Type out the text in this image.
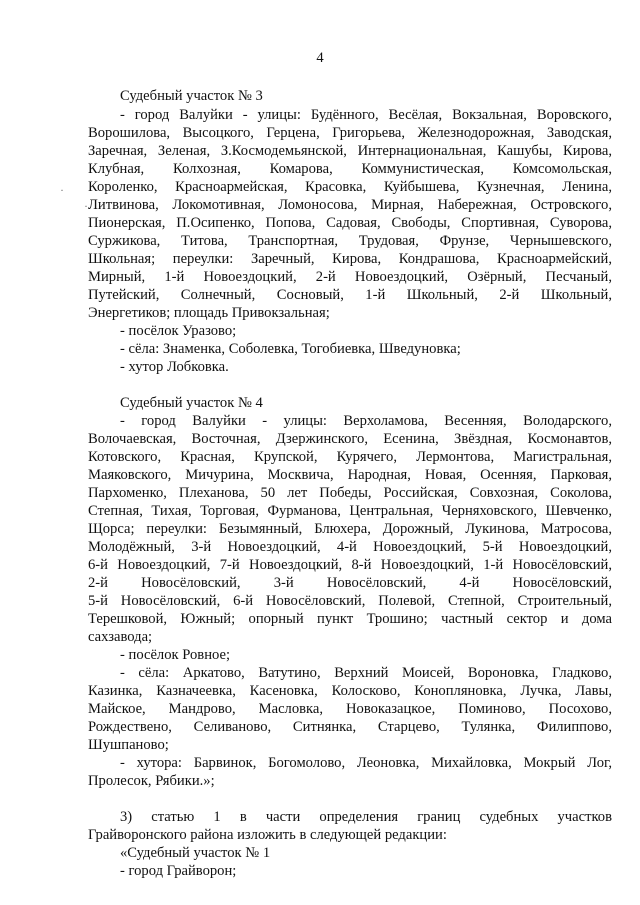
4
Судебный участок № 3
- город Валуйки - улицы: Будённого, Весёлая, Вокзальная, Воровского,
Ворошилова, Высоцкого, Герцена, Григорьева, Железнодорожная, Заводская,
Заречная, Зеленая, З.Космодемьянской, Интернациональная, Кашубы, Кирова,
Клубная, Колхозная, Комарова, Коммунистическая, Комсомольская,
Короленко, Красноармейская, Красовка, Куйбышева, Кузнечная, Ленина,
Литвинова, Локомотивная, Ломоносова, Мирная, Набережная, Островского,
Пионерская, П.Осипенко, Попова, Садовая, Свободы, Спортивная, Суворова,
Суржикова, Титова, Транспортная, Трудовая, Фрунзе, Чернышевского,
Школьная; переулки: Заречный, Кирова, Кондрашова, Красноармейский,
Мирный, 1-й Новоездоцкий, 2-й Новоездоцкий, Озёрный, Песчаный,
Путейский, Солнечный, Сосновый, 1-й Школьный, 2-й Школьный,
Энергетиков; площадь Привокзальная;
- посёлок Уразово;
- сёла: Знаменка, Соболевка, Тогобиевка, Шведуновка;
- хутор Лобковка.
Судебный участок № 4
- город Валуйки - улицы: Верхоламова, Весенняя, Володарского,
Волочаевская, Восточная, Дзержинского, Есенина, Звёздная, Космонавтов,
Котовского, Красная, Крупской, Курячего, Лермонтова, Магистральная,
Маяковского, Мичурина, Москвича, Народная, Новая, Осенняя, Парковая,
Пархоменко, Плеханова, 50 лет Победы, Российская, Совхозная, Соколова,
Степная, Тихая, Торговая, Фурманова, Центральная, Черняховского, Шевченко,
Щорса; переулки: Безымянный, Блюхера, Дорожный, Лукинова, Матросова,
Молодёжный, 3-й Новоездоцкий, 4-й Новоездоцкий, 5-й Новоездоцкий,
6-й Новоездоцкий, 7-й Новоездоцкий, 8-й Новоездоцкий, 1-й Новосёловский,
2-й Новосёловский, 3-й Новосёловский, 4-й Новосёловский,
5-й Новосёловский, 6-й Новосёловский, Полевой, Степной, Строительный,
Терешковой, Южный; опорный пункт Трошино; частный сектор и дома
сахзавода;
- посёлок Ровное;
- сёла: Аркатово, Ватутино, Верхний Моисей, Вороновка, Гладково,
Казинка, Казначеевка, Касеновка, Колосково, Конопляновка, Лучка, Лавы,
Майское, Мандрово, Масловка, Новоказацкое, Поминово, Посохово,
Рождествено, Селиваново, Ситнянка, Старцево, Тулянка, Филиппово,
Шушпаново;
- хутора: Барвинок, Богомолово, Леоновка, Михайловка, Мокрый Лог,
Пролесок, Рябики.»;
3) статью 1 в части определения границ судебных участков
Грайворонского района изложить в следующей редакции:
«Судебный участок № 1
- город Грайворон;
·
·
